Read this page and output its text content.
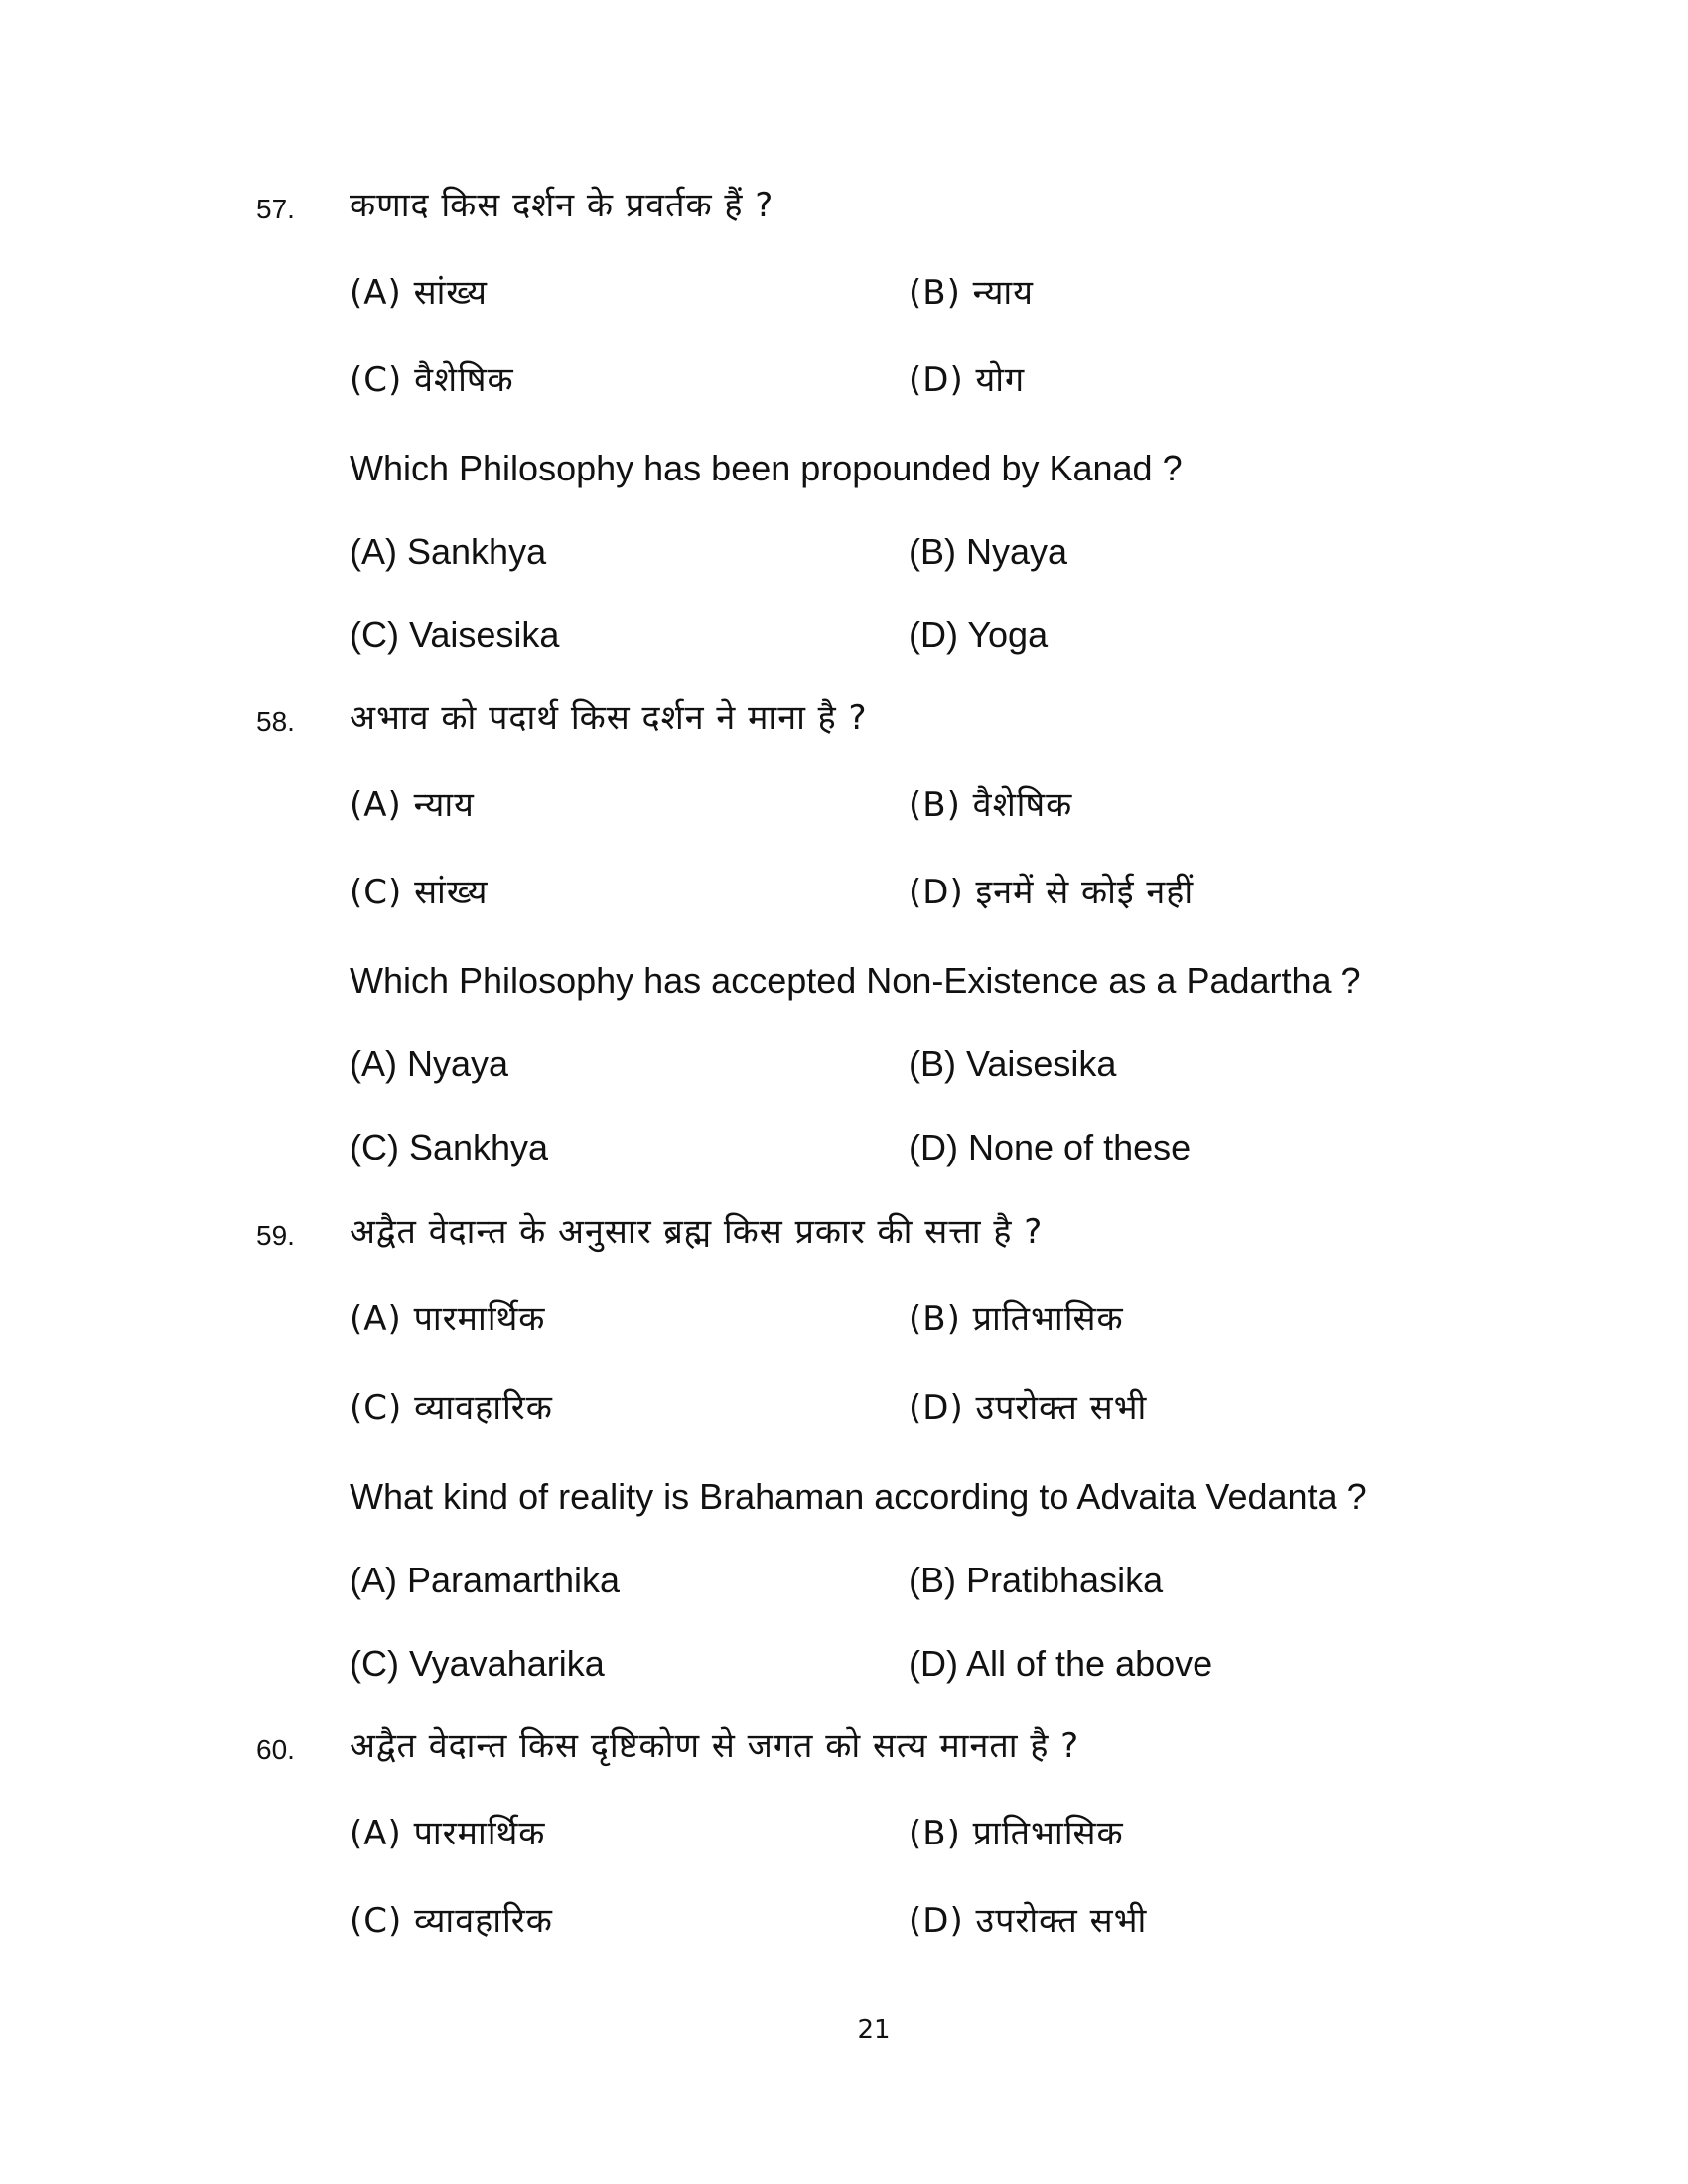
57. कणाद किस दर्शन के प्रवर्तक हैं ?
(A) सांख्य	(B) न्याय
(C) वैशेषिक	(D) योग
Which Philosophy has been propounded by Kanad ?
(A) Sankhya	(B) Nyaya
(C) Vaisesika	(D) Yoga
58. अभाव को पदार्थ किस दर्शन ने माना है ?
(A) न्याय	(B) वैशेषिक
(C) सांख्य	(D) इनमें से कोई नहीं
Which Philosophy has accepted Non-Existence as a Padartha ?
(A) Nyaya	(B) Vaisesika
(C) Sankhya	(D) None of these
59. अद्वैत वेदान्त के अनुसार ब्रह्म किस प्रकार की सत्ता है ?
(A) पारमार्थिक	(B) प्रातिभासिक
(C) व्यावहारिक	(D) उपरोक्त सभी
What kind of reality is Brahaman according to Advaita Vedanta ?
(A) Paramarthika	(B) Pratibhasika
(C) Vyavaharika	(D) All of the above
60. अद्वैत वेदान्त किस दृष्टिकोण से जगत को सत्य मानता है ?
(A) पारमार्थिक	(B) प्रातिभासिक
(C) व्यावहारिक	(D) उपरोक्त सभी
21
